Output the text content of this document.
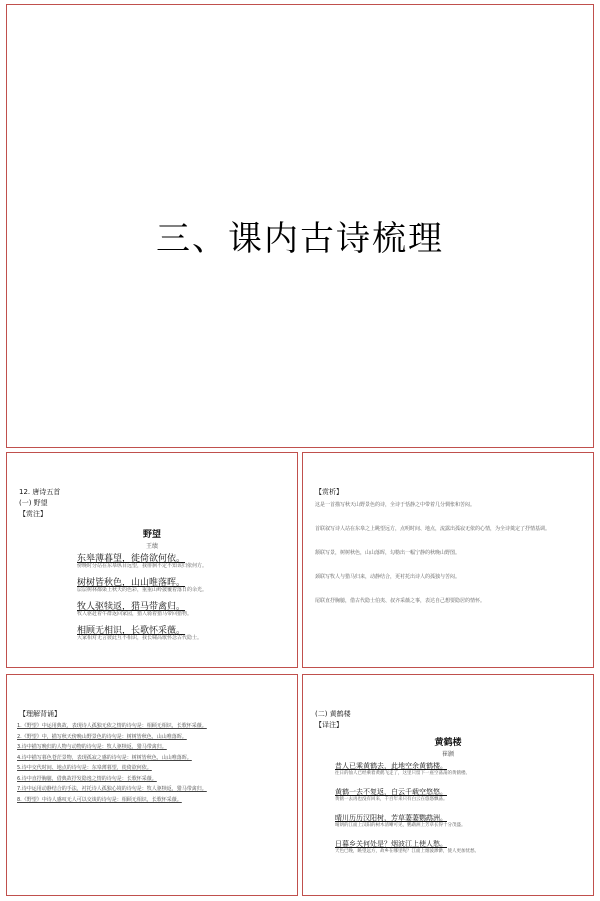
三、课内古诗梳理
12. 唐诗五首
(一) 野望
【赏注】
野望
王绩
东皋薄暮望，徙倚欲何依。
傍晚时分站在东皋纵目远望，我徘徊不定不知该归依何方。
树树皆秋色，山山唯落晖。
层层树林都染上秋天的色彩，重重山岭披覆着落日的余光。
牧人驱犊返，猎马带禽归。
牧人驱赶着牛群返回家园，猎人骑着猎马带回猎物。
相顾无相识，长歌怀采薇。
大家相对无言彼此互不相识，我长啸高歌怀念古代隐士。
【赏析】
这是一首描写秋天山野景色的诗，全诗于恬静之中带着几分惆怅和苦闷。
首联叙写诗人站在东皋之上眺望远方，点明时间、地点，流露出孤寂无依的心情，为全诗奠定了抒情基调。
颔联写景，树树秋色，山山落晖，勾勒出一幅宁静的秋晚山野图。
颈联写牧人与猎马归来，动静结合，更衬托出诗人的孤独与苦闷。
尾联直抒胸臆，借古代隐士伯夷、叔齐采薇之事，表达自己想要隐居的情怀。
【理解背诵】
1.《野望》中运用典故，表现诗人孤独无依之情的诗句是：相顾无相识，长歌怀采薇。
2.《野望》中，描写秋天傍晚山野景色的诗句是：树树皆秋色，山山唯落晖。
3.诗中描写晚归的人物与动物的诗句是：牧人驱犊返，猎马带禽归。
4.诗中描写暮色苍茫景物，表现孤寂之感的诗句是：树树皆秋色，山山唯落晖。
5.诗中交代时间、地点的诗句是：东皋薄暮望，徙倚欲何依。
6.诗中直抒胸臆，借典故抒发隐逸之情的诗句是：长歌怀采薇。
7.诗中运用动静结合的手法，衬托诗人孤独心境的诗句是：牧人驱犊返，猎马带禽归。
8.《野望》中诗人感叹无人可以交谈的诗句是：相顾无相识，长歌怀采薇。
(二) 黄鹤楼
【译注】
黄鹤楼
崔颢
昔人已乘黄鹤去，此地空余黄鹤楼。
往日的仙人已经乘着黄鹤飞走了，这里只留下一座空荡荡的黄鹤楼。
黄鹤一去不复返，白云千载空悠悠。
黄鹤一去再也没有回来，千百年来只有白云在悠悠飘荡。
晴川历历汉阳树，芳草萋萋鹦鹉洲。
晴朗的江面上汉阳的树木清晰可见，鹦鹉洲上芳草长得十分茂盛。
日暮乡关何处是？烟波江上使人愁。
天色已晚，眺望远方，故乡在哪里呢？江面上烟波渺渺，使人更加忧愁。
